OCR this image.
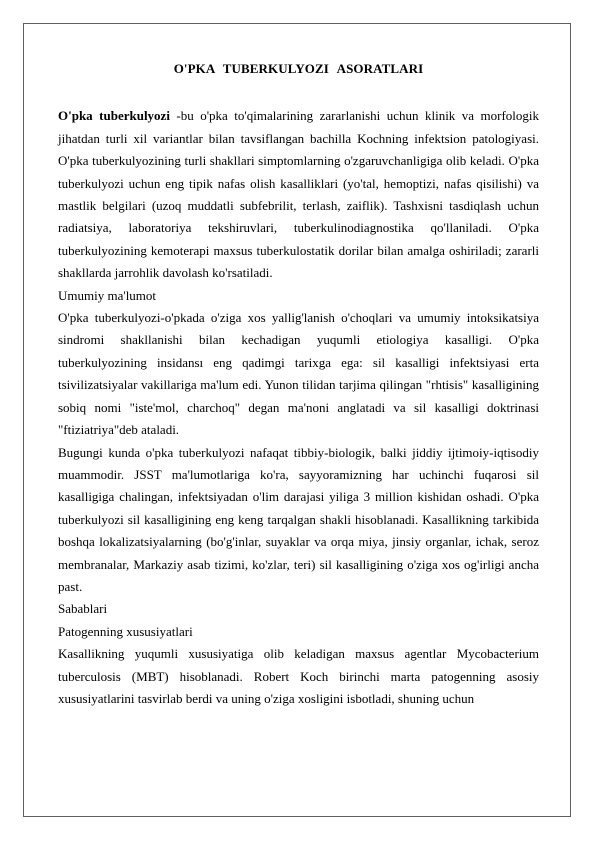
O'PKA TUBERKULYOZI ASORATLARI

O'pka tuberkulyozi -bu o'pka to'qimalarining zararlanishi uchun klinik va morfologik jihatdan turli xil variantlar bilan tavsiflangan bachilla Kochning infektsion patologiyasi. O'pka tuberkulyozining turli shakllari simptomlarning o'zgaruvchanligiga olib keladi. O'pka tuberkulyozi uchun eng tipik nafas olish kasalliklari (yo'tal, hemoptizi, nafas qisilishi) va mastlik belgilari (uzoq muddatli subfebrilit, terlash, zaiflik). Tashxisni tasdiqlash uchun radiatsiya, laboratoriya tekshiruvlari, tuberkulinodiagnostika qo'llaniladi. O'pka tuberkulyozining kemoterapi maxsus tuberkulostatik dorilar bilan amalga oshiriladi; zararli shakllarda jarrohlik davolash ko'rsatiladi.

Umumiy ma'lumot

O'pka tuberkulyozi-o'pkada o'ziga xos yallig'lanish o'choqlari va umumiy intoksikatsiya sindromi shakllanishi bilan kechadigan yuqumli etiologiya kasalligi. O'pka tuberkulyozining insidansı eng qadimgi tarixga ega: sil kasalligi infektsiyasi erta tsivilizatsiyalar vakillariga ma'lum edi. Yunon tilidan tarjima qilingan "rhtisis" kasalligining sobiq nomi "iste'mol, charchoq" degan ma'noni anglatadi va sil kasalligi doktrinasi "ftiziatriya"deb ataladi.

Bugungi kunda o'pka tuberkulyozi nafaqat tibbiy-biologik, balki jiddiy ijtimoiy-iqtisodiy muammodir. JSST ma'lumotlariga ko'ra, sayyoramizning har uchinchi fuqarosi sil kasalligiga chalingan, infektsiyadan o'lim darajasi yiliga 3 million kishidan oshadi. O'pka tuberkulyozi sil kasalligining eng keng tarqalgan shakli hisoblanadi. Kasallikning tarkibida boshqa lokalizatsiyalarning (bo'g'inlar, suyaklar va orqa miya, jinsiy organlar, ichak, seroz membranalar, Markaziy asab tizimi, ko'zlar, teri) sil kasalligining o'ziga xos og'irligi ancha past.

Sabablari

Patogenning xususiyatlari

Kasallikning yuqumli xususiyatiga olib keladigan maxsus agentlar Mycobacterium tuberculosis (MBT) hisoblanadi. Robert Koch birinchi marta patogenning asosiy xususiyatlarini tasvirlab berdi va uning o'ziga xosligini isbotladi, shuning uchun
